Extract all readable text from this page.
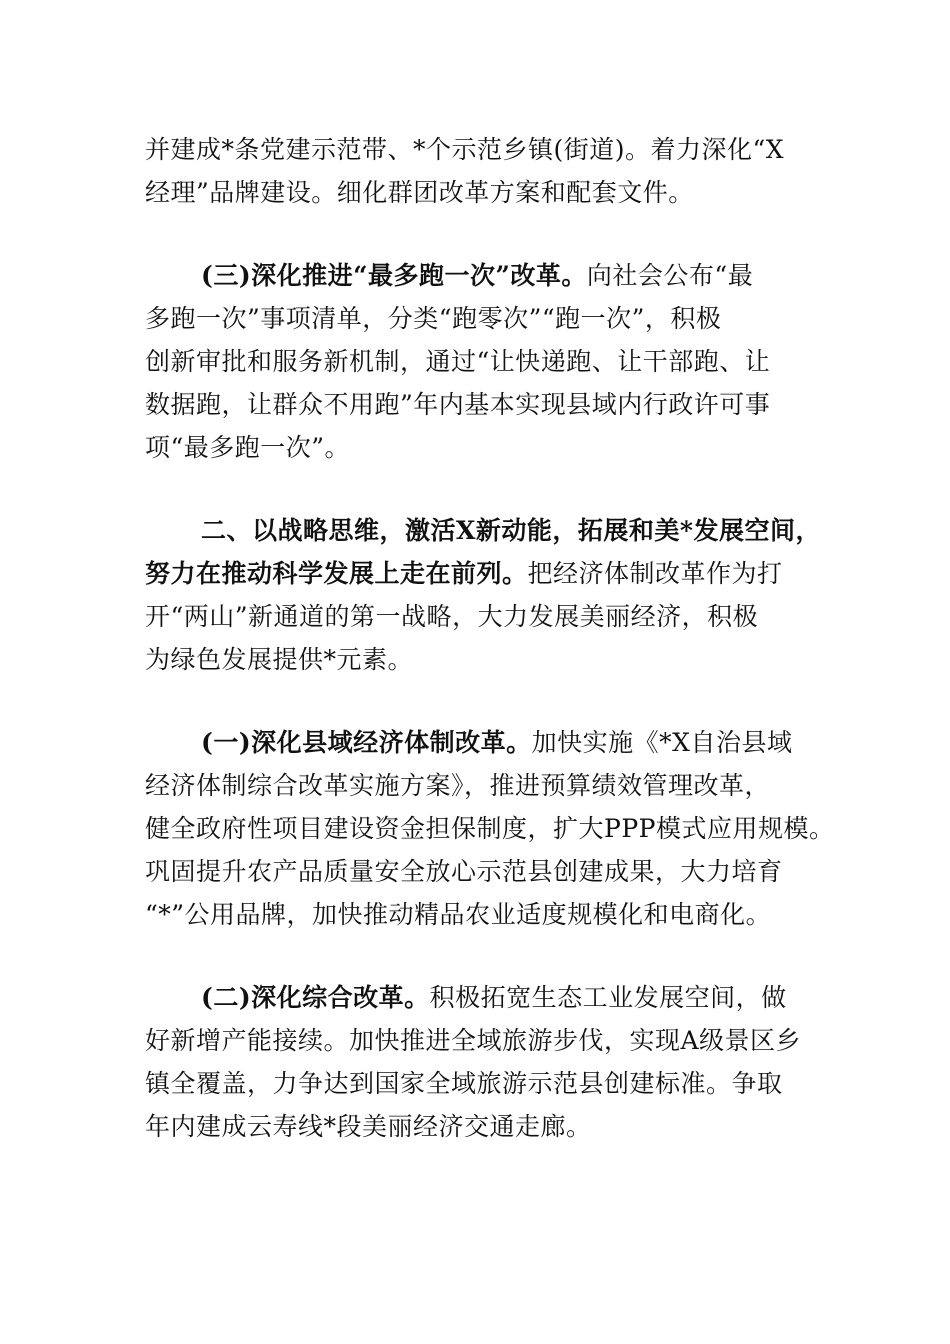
并建成*条党建示范带、*个示范乡镇(街道)。着力深化“X
经理”品牌建设。细化群团改革方案和配套文件。
(三)深化推进“最多跑一次”改革。向社会公布“最
多跑一次”事项清单，分类“跑零次”“跑一次”，积极
创新审批和服务新机制，通过“让快递跑、让干部跑、让
数据跑，让群众不用跑”年内基本实现县域内行政许可事
项“最多跑一次”。
二、以战略思维，激活X新动能，拓展和美*发展空间，
努力在推动科学发展上走在前列。把经济体制改革作为打
开“两山”新通道的第一战略，大力发展美丽经济，积极
为绿色发展提供*元素。
(一)深化县域经济体制改革。加快实施《*X自治县域
经济体制综合改革实施方案》，推进预算绩效管理改革，
健全政府性项目建设资金担保制度，扩大PPP模式应用规模。
巩固提升农产品质量安全放心示范县创建成果，大力培育
“*”公用品牌，加快推动精品农业适度规模化和电商化。
(二)深化综合改革。积极拓宽生态工业发展空间，做
好新增产能接续。加快推进全域旅游步伐，实现A级景区乡
镇全覆盖，力争达到国家全域旅游示范县创建标准。争取
年内建成云寿线*段美丽经济交通走廊。
